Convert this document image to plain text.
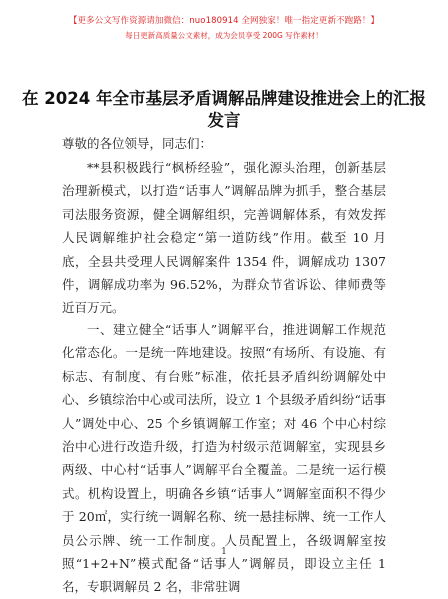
【更多公文写作资源请加微信：nuo180914 全网独家！唯一指定更新不跑路！】
每日更新高质量公文素材，成为会员享受 200G 写作素材！
在 2024 年全市基层矛盾调解品牌建设推进会上的汇报发言
尊敬的各位领导，同志们：
**县积极践行“枫桥经验”，强化源头治理，创新基层治理新模式，以打造“话事人”调解品牌为抓手，整合基层司法服务资源，健全调解组织，完善调解体系，有效发挥人民调解维护社会稳定“第一道防线”作用。截至 10 月底，全县共受理人民调解案件 1354 件，调解成功 1307 件，调解成功率为 96.52%，为群众节省诉讼、律师费等近百万元。
一、建立健全“话事人”调解平台，推进调解工作规范化常态化。一是统一阵地建设。按照“有场所、有设施、有标志、有制度、有台账”标准，依托县矛盾纠纷调解处中心、乡镇综治中心或司法所，设立 1 个县级矛盾纠纷“话事人”调处中心、25 个乡镇调解工作室；对 46 个中心村综治中心进行改造升级，打造为村级示范调解室，实现县乡两级、中心村“话事人”调解平台全覆盖。二是统一运行模式。机构设置上，明确各乡镇“话事人”调解室面积不得少于 20㎡，实行统一调解名称、统一悬挂标牌、统一工作人员公示牌、统一工作制度。人员配置上，各级调解室按照“1+2+N”模式配备“话事人”调解员，即设立主任 1 名，专职调解员 2 名，非常驻调
1
